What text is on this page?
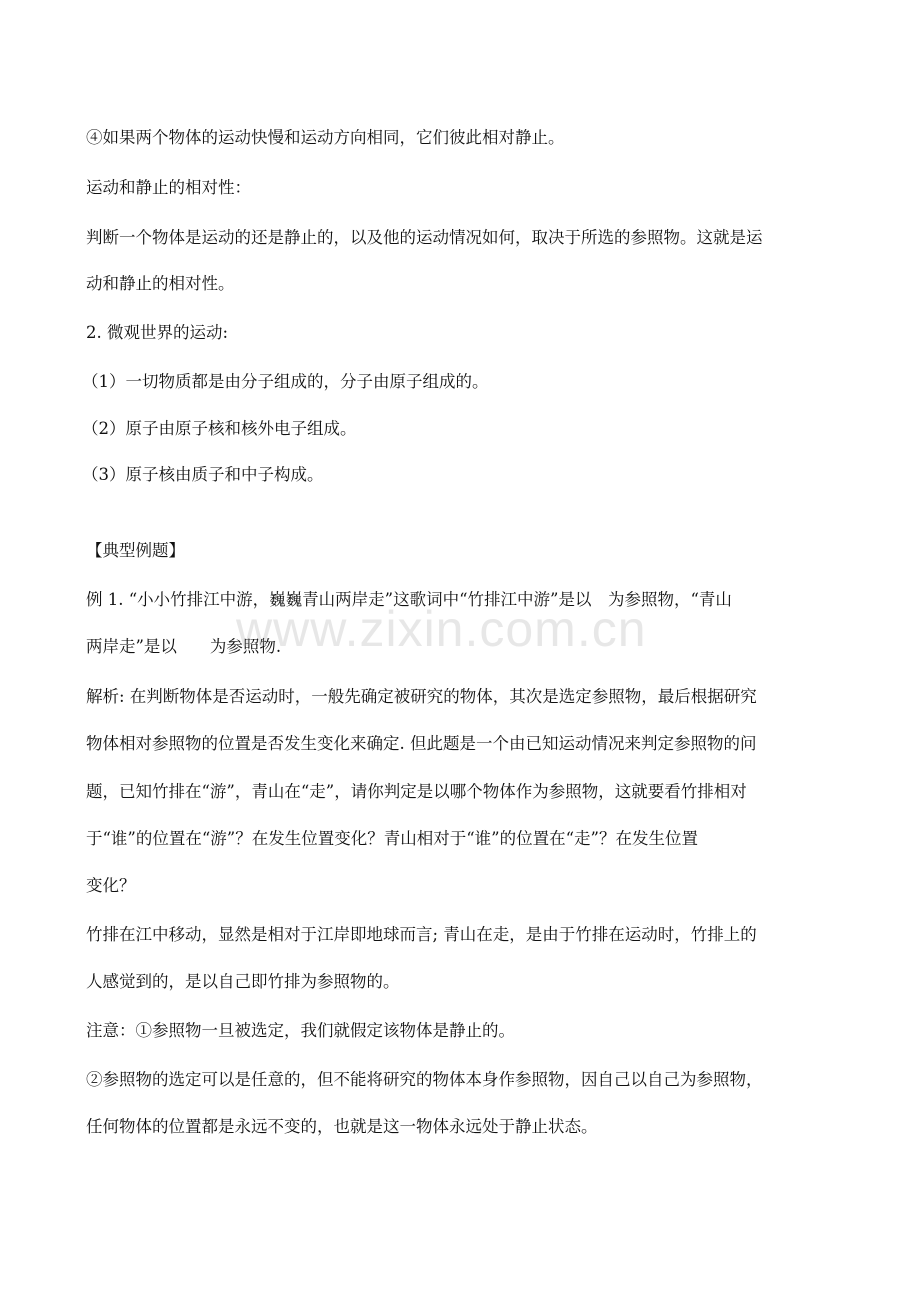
④如果两个物体的运动快慢和运动方向相同，它们彼此相对静止。
运动和静止的相对性：
判断一个物体是运动的还是静止的，以及他的运动情况如何，取决于所选的参照物。这就是运
动和静止的相对性。
2. 微观世界的运动:
（1）一切物质都是由分子组成的，分子由原子组成的。
（2）原子由原子核和核外电子组成。
（3）原子核由质子和中子构成。
【典型例题】
例 1. “小小竹排江中游，巍巍青山两岸走”这歌词中“竹排江中游”是以　为参照物，“青山
两岸走”是以　　为参照物.
解析: 在判断物体是否运动时，一般先确定被研究的物体，其次是选定参照物，最后根据研究
物体相对参照物的位置是否发生变化来确定. 但此题是一个由已知运动情况来判定参照物的问
题，已知竹排在“游”，青山在“走”，请你判定是以哪个物体作为参照物，这就要看竹排相对
于“谁”的位置在“游”？在发生位置变化？青山相对于“谁”的位置在“走”？在发生位置
变化？
竹排在江中移动，显然是相对于江岸即地球而言; 青山在走，是由于竹排在运动时，竹排上的
人感觉到的，是以自己即竹排为参照物的。
注意：①参照物一旦被选定，我们就假定该物体是静止的。
②参照物的选定可以是任意的，但不能将研究的物体本身作参照物，因自己以自己为参照物，
任何物体的位置都是永远不变的，也就是这一物体永远处于静止状态。
www.zixin.com.cn
